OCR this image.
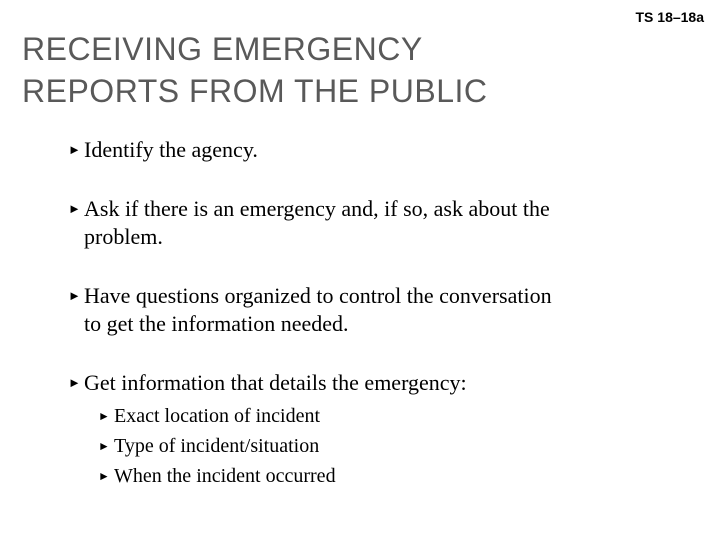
TS 18–18a
RECEIVING EMERGENCY
REPORTS FROM THE PUBLIC
► Identify the agency.
► Ask if there is an emergency and, if so, ask about the
problem.
► Have questions organized to control the conversation
to get the information needed.
► Get information that details the emergency:
► Exact location of incident
► Type of incident/situation
► When the incident occurred
